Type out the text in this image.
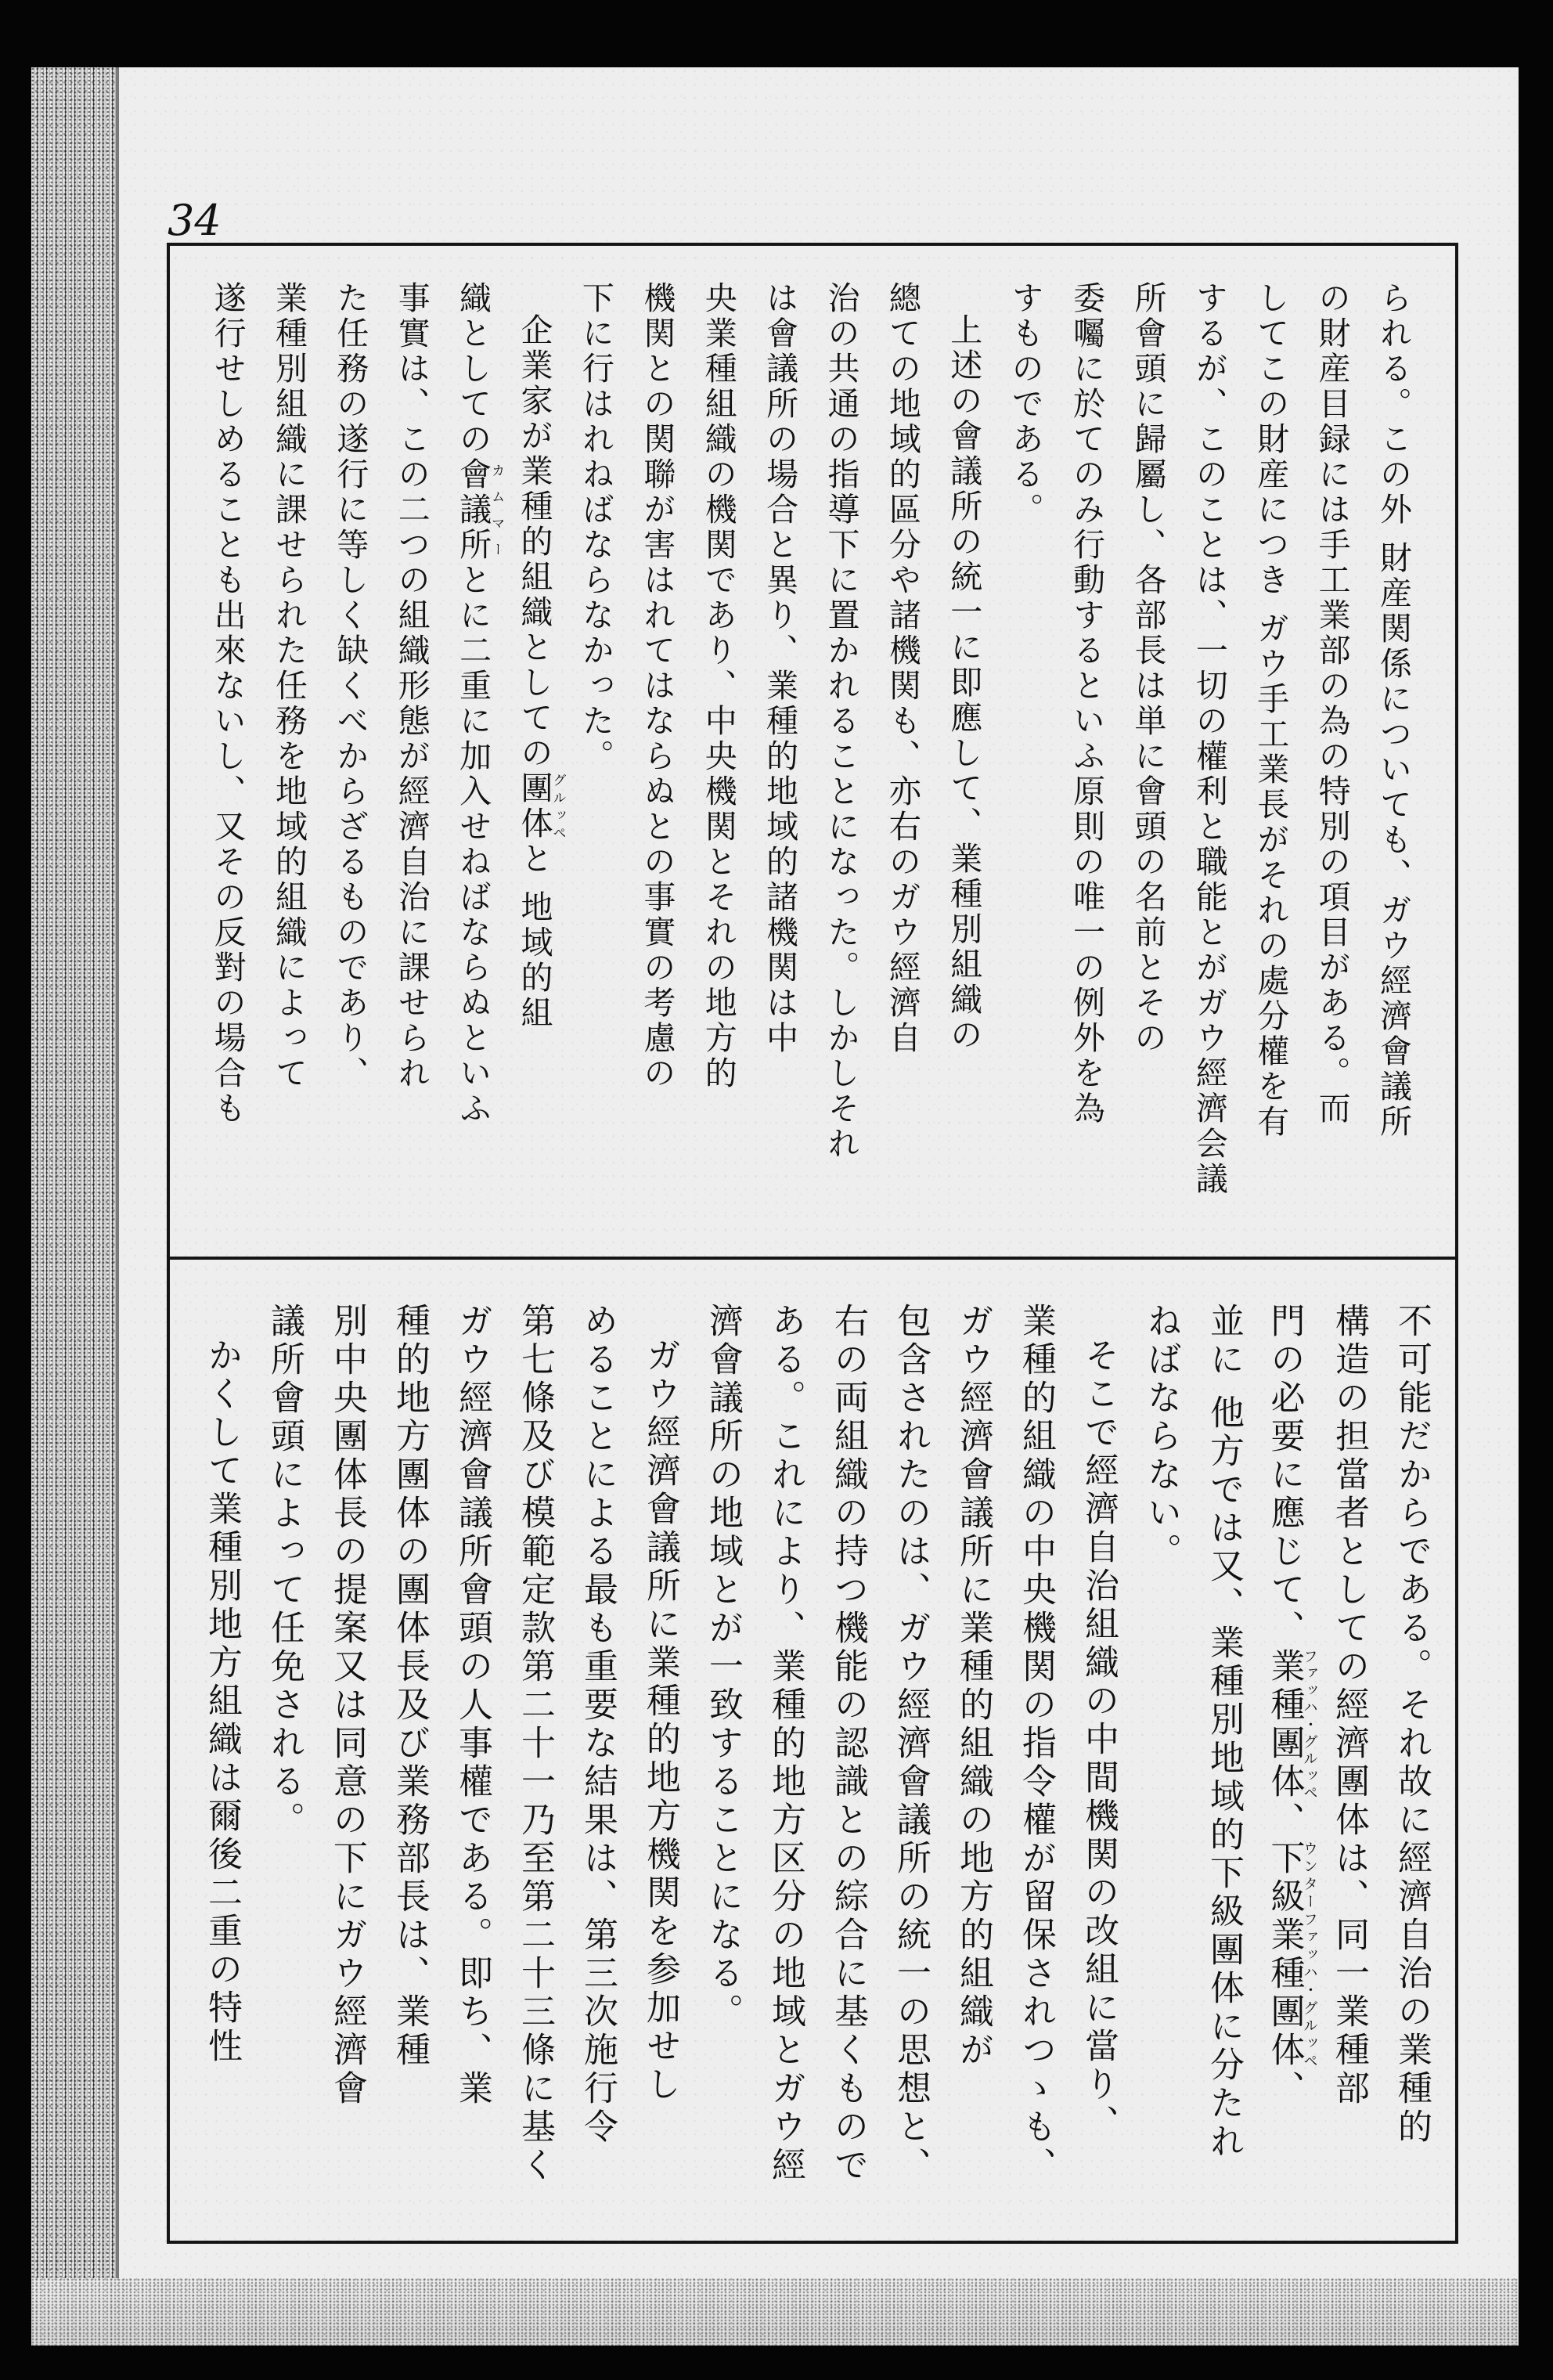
34
られる。この外 財産関係についても、ガウ經濟會議所
の財産目録には手工業部の為の特別の項目がある。而
してこの財産につき ガウ手工業長がそれの處分權を有
するが、このことは、一切の權利と職能とがガウ經濟会議
所會頭に歸屬し、各部長は単に會頭の名前とその
委囑に於てのみ行動するといふ原則の唯一の例外を為
すものである。
上述の會議所の統一に即應して、業種別組織の
總ての地域的區分や諸機関も、亦右のガウ經濟自
治の共通の指導下に置かれることになった。しかしそれ
は會議所の場合と異り、業種的地域的諸機関は中
央業種組織の機関であり、中央機関とそれの地方的
機関との関聯が害はれてはならぬとの事實の考慮の
下に行はれねばならなかった。
企業家が業種的組織としての團体グルッペと 地域的組
織としての會議所カムマーとに二重に加入せねばならぬといふ
事實は、この二つの組織形態が經濟自治に課せられ
た任務の遂行に等しく缺くべからざるものであり、
業種別組織に課せられた任務を地域的組織によって
遂行せしめることも出來ないし、又その反對の場合も
不可能だからである。それ故に經濟自治の業種的
構造の担當者としての經濟團体は、同一業種部
門の必要に應じて、業種團体ファッハ・グルッペ、下級業種團体ウンターファッハ・グルッペ、
並に 他方では又、業種別地域的下級團体に分たれ
ねばならない。
そこで經濟自治組織の中間機関の改組に當り、
業種的組織の中央機関の指令權が留保されつゝも、
ガウ經濟會議所に業種的組織の地方的組織が
包含されたのは、ガウ經濟會議所の統一の思想と、
右の両組織の持つ機能の認識との綜合に基くもので
ある。これにより、業種的地方区分の地域とガウ經
濟會議所の地域とが一致することになる。
ガウ經濟會議所に業種的地方機関を参加せし
めることによる最も重要な結果は、第三次施行令
第七條及び模範定款第二十一乃至第二十三條に基く
ガウ經濟會議所會頭の人事權である。即ち、業
種的地方團体の團体長及び業務部長は、業種
別中央團体長の提案又は同意の下にガウ經濟會
議所會頭によって任免される。
かくして業種別地方組織は爾後二重の特性
